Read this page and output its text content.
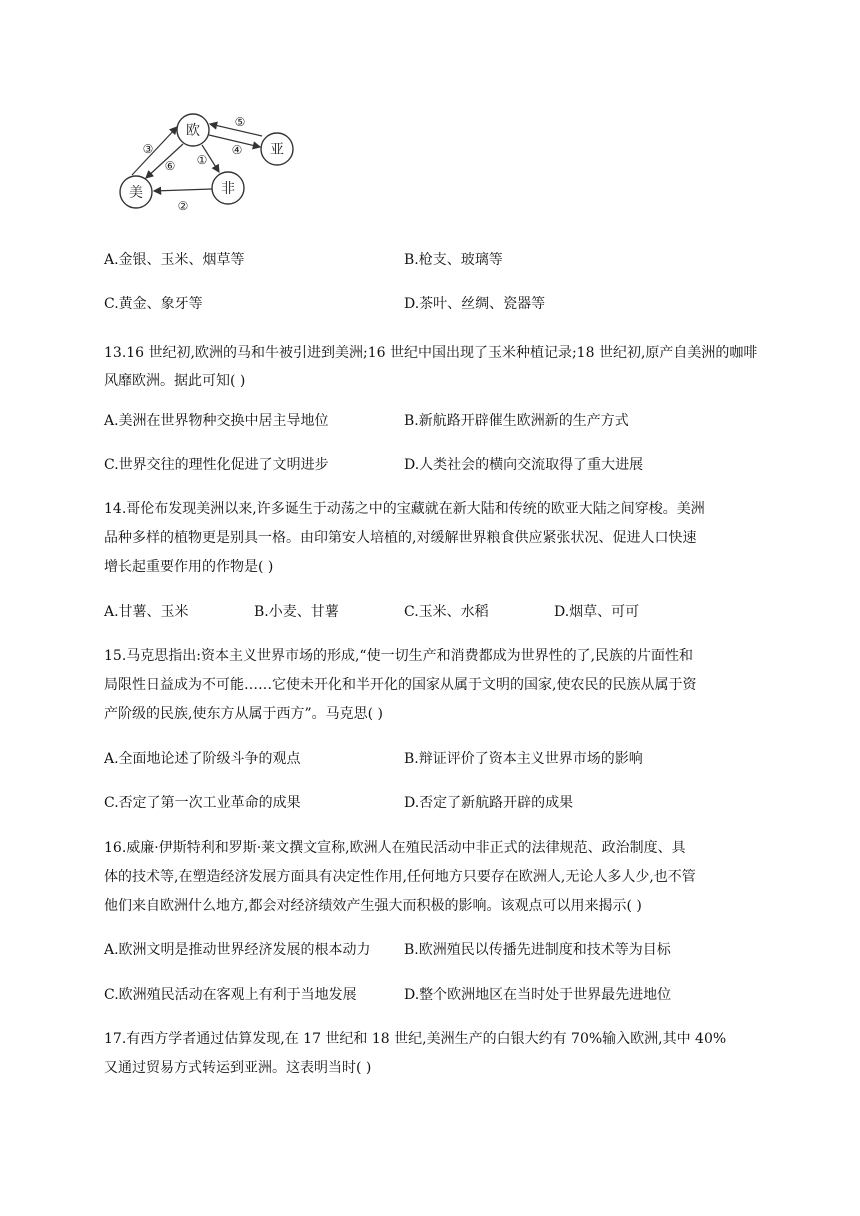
欧
亚
美	非
⑤
④
③
⑥ ①
②
A.金银、玉米、烟草等	B.枪支、玻璃等
C.黄金、象牙等	D.茶叶、丝绸、瓷器等
13.16 世纪初,欧洲的马和牛被引进到美洲;16 世纪中国出现了玉米种植记录;18 世纪初,原产自美洲的咖啡风靡欧洲。据此可知( )
A.美洲在世界物种交换中居主导地位	B.新航路开辟催生欧洲新的生产方式
C.世界交往的理性化促进了文明进步	D.人类社会的横向交流取得了重大进展
14.哥伦布发现美洲以来,许多诞生于动荡之中的宝藏就在新大陆和传统的欧亚大陆之间穿梭。美洲
品种多样的植物更是别具一格。由印第安人培植的,对缓解世界粮食供应紧张状况、促进人口快速
增长起重要作用的作物是( )
A.甘薯、玉米	B.小麦、甘薯	C.玉米、水稻	D.烟草、可可
15.马克思指出:资本主义世界市场的形成,“使一切生产和消费都成为世界性的了,民族的片面性和
局限性日益成为不可能……它使未开化和半开化的国家从属于文明的国家,使农民的民族从属于资
产阶级的民族,使东方从属于西方”。马克思( )
A.全面地论述了阶级斗争的观点	B.辩证评价了资本主义世界市场的影响
C.否定了第一次工业革命的成果	D.否定了新航路开辟的成果
16.威廉·伊斯特利和罗斯·莱文撰文宣称,欧洲人在殖民活动中非正式的法律规范、政治制度、具
体的技术等,在塑造经济发展方面具有决定性作用,任何地方只要存在欧洲人,无论人多人少,也不管
他们来自欧洲什么地方,都会对经济绩效产生强大而积极的影响。该观点可以用来揭示( )
A.欧洲文明是推动世界经济发展的根本动力 B.欧洲殖民以传播先进制度和技术等为目标
C.欧洲殖民活动在客观上有利于当地发展	D.整个欧洲地区在当时处于世界最先进地位
17.有西方学者通过估算发现,在 17 世纪和 18 世纪,美洲生产的白银大约有 70%输入欧洲,其中 40%
又通过贸易方式转运到亚洲。这表明当时( )
